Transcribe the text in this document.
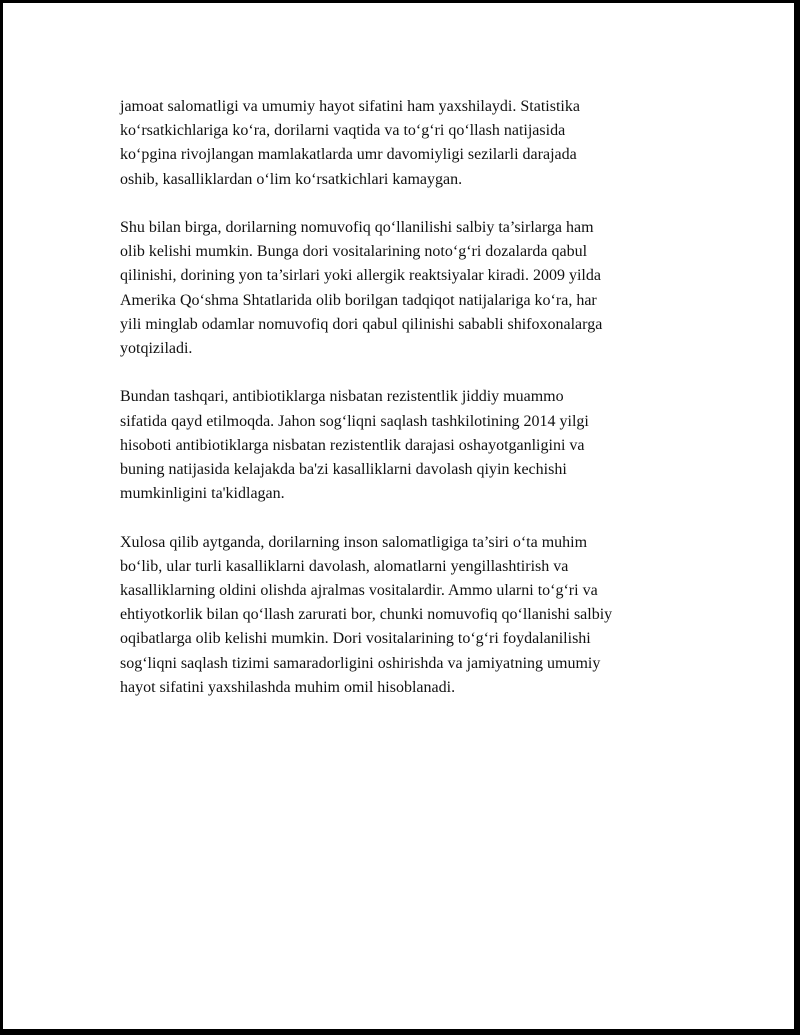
jamoat salomatligi va umumiy hayot sifatini ham yaxshilaydi. Statistika
ko‘rsatkichlariga ko‘ra, dorilarni vaqtida va to‘g‘ri qo‘llash natijasida
ko‘pgina rivojlangan mamlakatlarda umr davomiyligi sezilarli darajada
oshib, kasalliklardan o‘lim ko‘rsatkichlari kamaygan.

Shu bilan birga, dorilarning nomuvofiq qo‘llanilishi salbiy ta’sirlarga ham
olib kelishi mumkin. Bunga dori vositalarining noto‘g‘ri dozalarda qabul
qilinishi, dorining yon ta’sirlari yoki allergik reaktsiyalar kiradi. 2009 yilda
Amerika Qo‘shma Shtatlarida olib borilgan tadqiqot natijalariga ko‘ra, har
yili minglab odamlar nomuvofiq dori qabul qilinishi sababli shifoxonalarga
yotqiziladi.

Bundan tashqari, antibiotiklarga nisbatan rezistentlik jiddiy muammo
sifatida qayd etilmoqda. Jahon sog‘liqni saqlash tashkilotining 2014 yilgi
hisoboti antibiotiklarga nisbatan rezistentlik darajasi oshayotganligini va
buning natijasida kelajakda ba'zi kasalliklarni davolash qiyin kechishi
mumkinligini ta'kidlagan.

Xulosa qilib aytganda, dorilarning inson salomatligiga ta’siri o‘ta muhim
bo‘lib, ular turli kasalliklarni davolash, alomatlarni yengillashtirish va
kasalliklarning oldini olishda ajralmas vositalardir. Ammo ularni to‘g‘ri va
ehtiyotkorlik bilan qo‘llash zarurati bor, chunki nomuvofiq qo‘llanishi salbiy
oqibatlarga olib kelishi mumkin. Dori vositalarining to‘g‘ri foydalanilishi
sog‘liqni saqlash tizimi samaradorligini oshirishda va jamiyatning umumiy
hayot sifatini yaxshilashda muhim omil hisoblanadi.
